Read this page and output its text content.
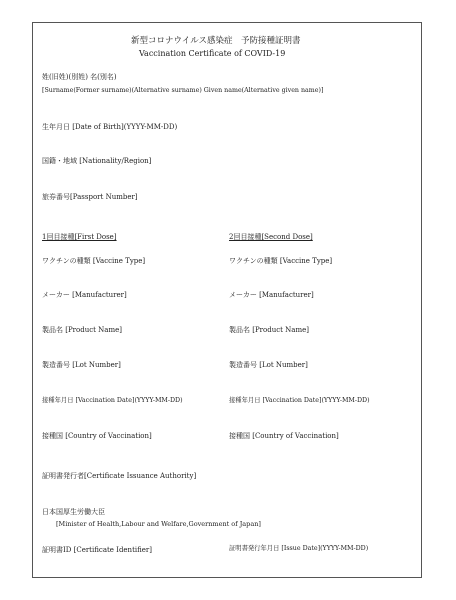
新型コロナウイルス感染症　予防接種証明書
Vaccination Certificate of COVID-19
姓(旧姓)(別姓) 名(別名)
[Surname(Former surname)(Alternative surname) Given name(Alternative given name)]
生年月日 [Date of Birth](YYYY-MM-DD)
国籍・地域 [Nationality/Region]
旅券番号[Passport Number]
1回目接種[First Dose]	2回目接種[Second Dose]
ワクチンの種類 [Vaccine Type]
メーカー [Manufacturer]
製品名 [Product Name]
製造番号 [Lot Number]
接種年月日 [Vaccination Date](YYYY-MM-DD)
接種国 [Country of Vaccination]
ワクチンの種類 [Vaccine Type]
メーカー [Manufacturer]
製品名 [Product Name]
製造番号 [Lot Number]
接種年月日 [Vaccination Date](YYYY-MM-DD)
接種国 [Country of Vaccination]
証明書発行者[Certificate Issuance Authority]
日本国厚生労働大臣
[Minister of Health,Labour and Welfare,Government of Japan]
証明書ID [Certificate Identifier]	証明書発行年月日 [Issue Date](YYYY-MM-DD)
